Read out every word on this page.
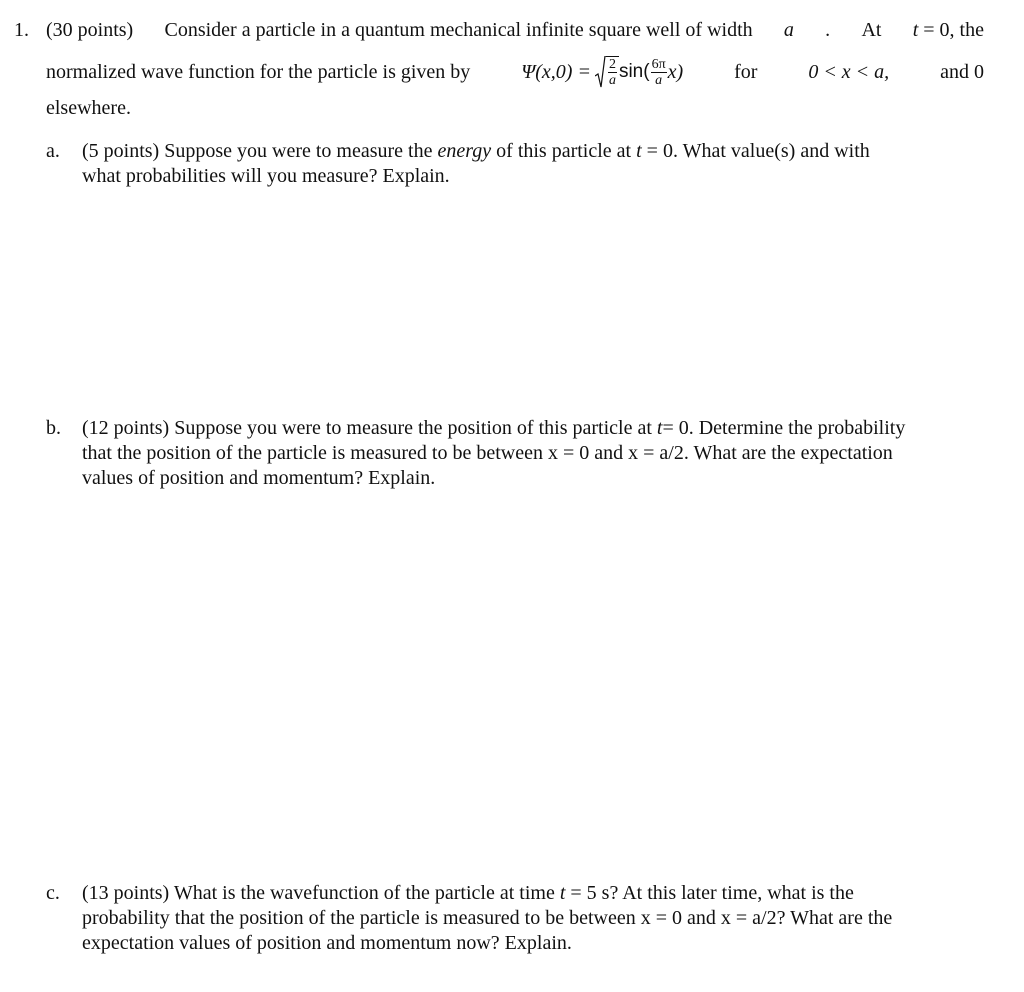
1. (30 points) Consider a particle in a quantum mechanical infinite square well of width a . At t = 0, the
normalized wave function for the particle is given by	$\Psi(x,0) = \frac{2}{a} \sin( \frac{6\pi}{a} x)$	for	0 < x < a,	and 0
elsewhere.
a. (5 points) Suppose you were to measure the energy of this particle at t = 0. What value(s) and with
what probabilities will you measure? Explain.
b. (12 points) Suppose you were to measure the position of this particle at t= 0. Determine the probability
that the position of the particle is measured to be between x = 0 and x = a/2. What are the expectation
values of position and momentum? Explain.
c. (13 points) What is the wavefunction of the particle at time t = 5 s? At this later time, what is the
probability that the position of the particle is measured to be between x = 0 and x = a/2? What are the
expectation values of position and momentum now? Explain.
